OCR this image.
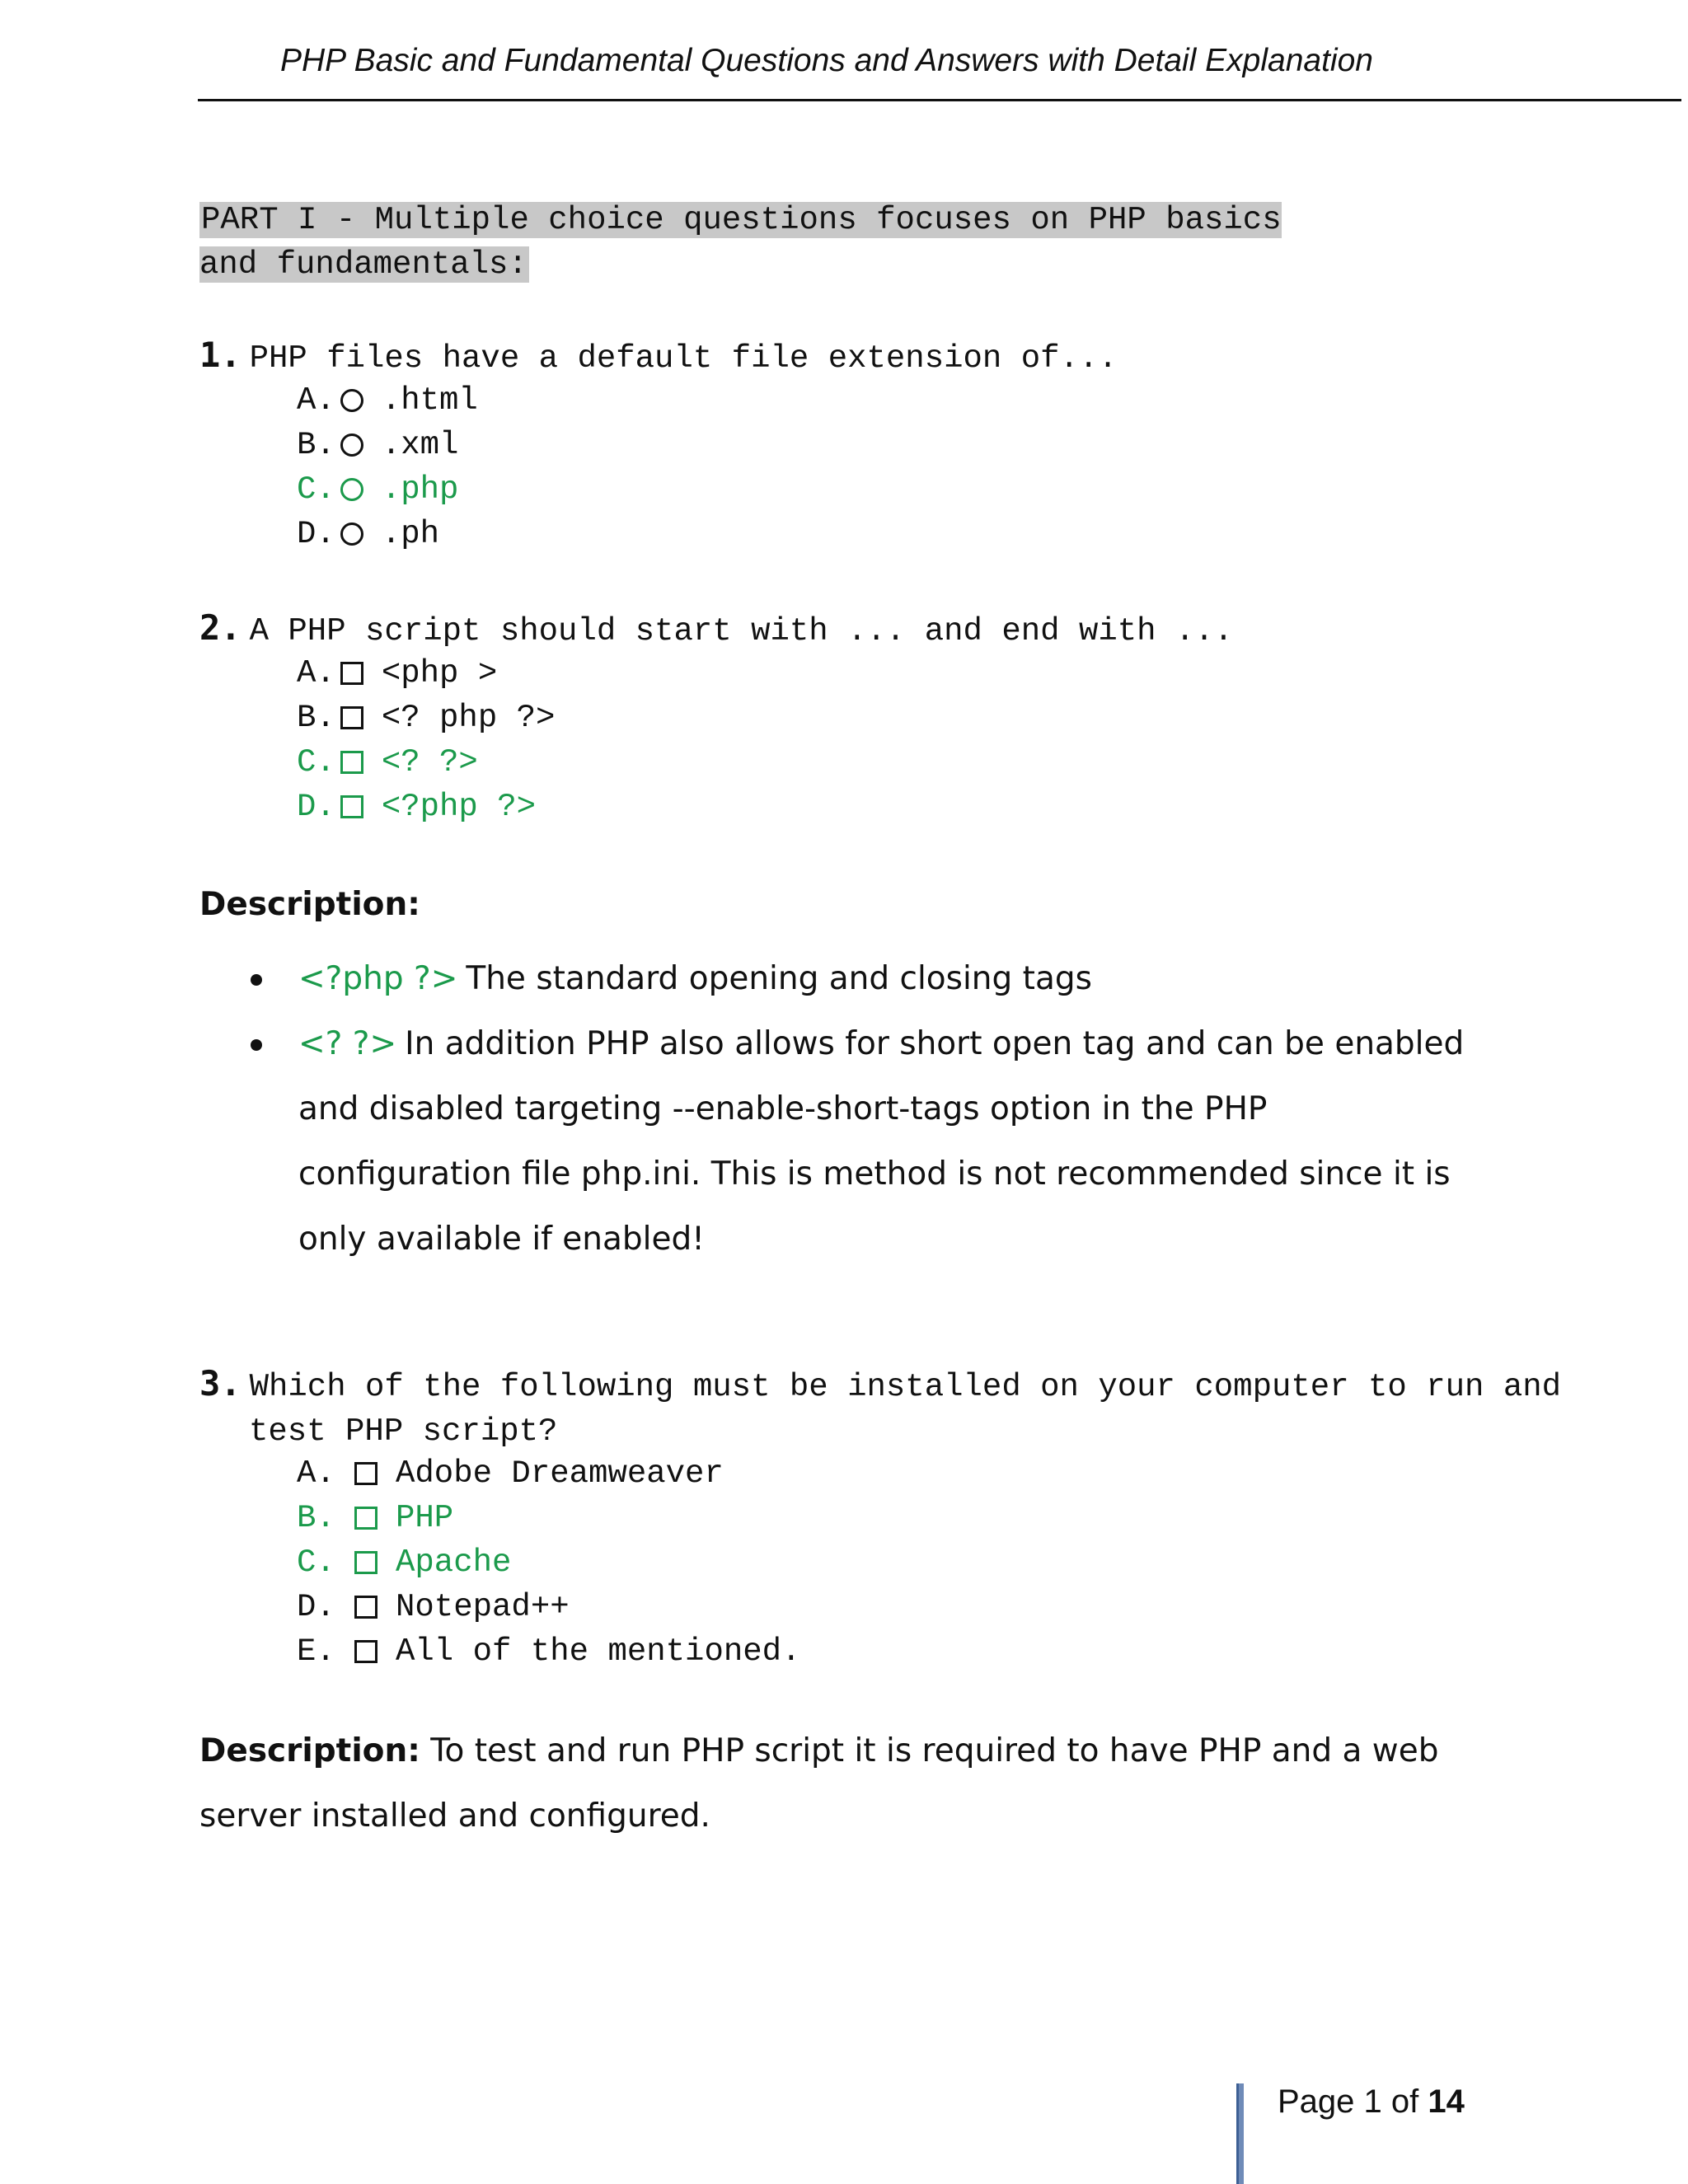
PHP Basic and Fundamental Questions and Answers with Detail Explanation
PART I - Multiple choice questions focuses on PHP basics and fundamentals:
1. PHP files have a default file extension of...
A. .html
B. .xml
C. .php
D. .ph
2. A PHP script should start with ... and end with ...
A. <php >
B. <? php ?>
C. <? ?>
D. <?php ?>
Description:
<?php ?> The standard opening and closing tags
<? ?> In addition PHP also allows for short open tag and can be enabled and disabled targeting --enable-short-tags option in the PHP configuration file php.ini. This is method is not recommended since it is only available if enabled!
3. Which of the following must be installed on your computer to run and test PHP script?
A.	Adobe Dreamweaver
B.	PHP
C.	Apache
D.	Notepad++
E.	All of the mentioned.
Description: To test and run PHP script it is required to have PHP and a web server installed and configured.
Page 1 of 14
